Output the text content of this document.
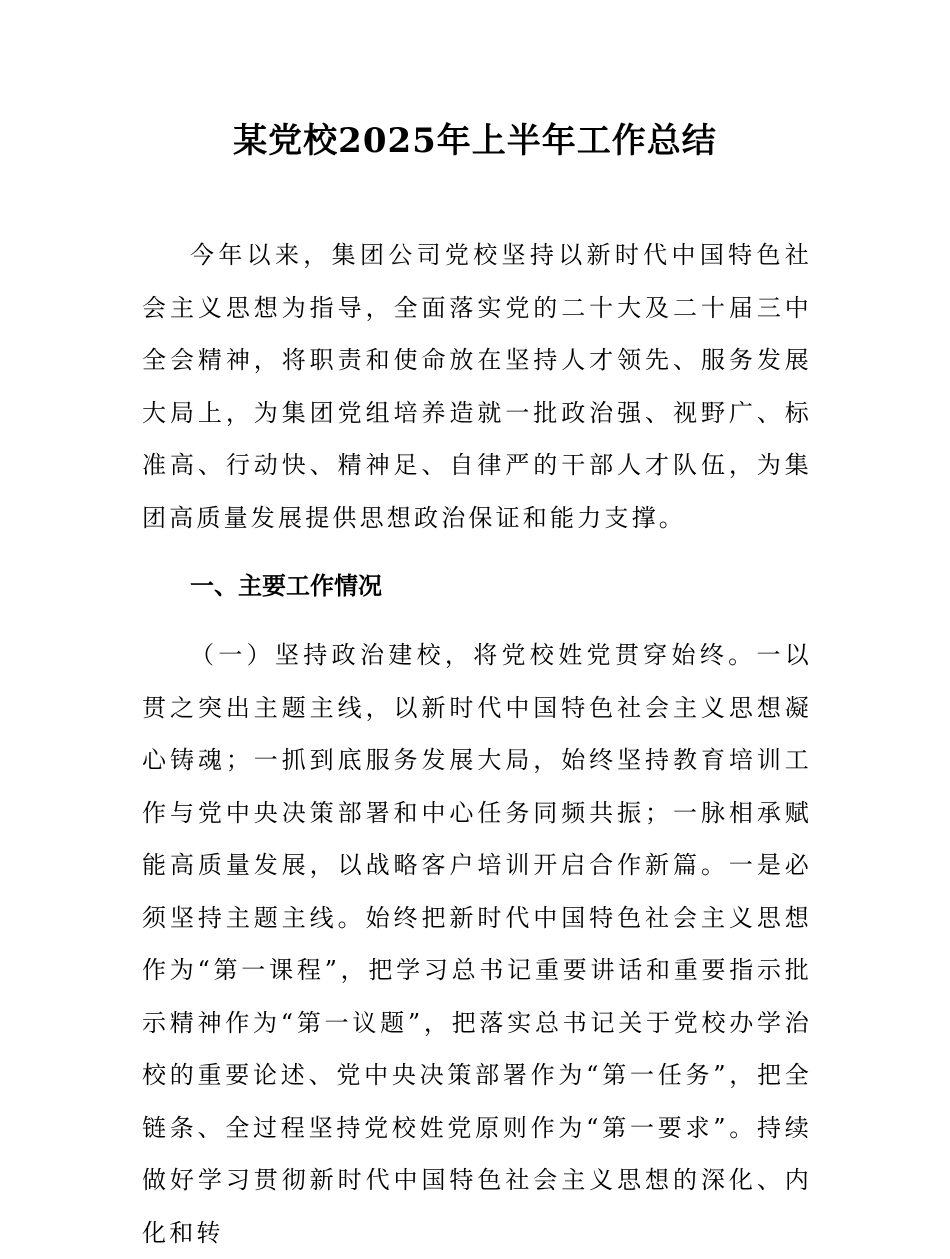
某党校2025年上半年工作总结
今年以来，集团公司党校坚持以新时代中国特色社会主义思想为指导，全面落实党的二十大及二十届三中全会精神，将职责和使命放在坚持人才领先、服务发展大局上，为集团党组培养造就一批政治强、视野广、标准高、行动快、精神足、自律严的干部人才队伍，为集团高质量发展提供思想政治保证和能力支撑。
一、主要工作情况
（一）坚持政治建校，将党校姓党贯穿始终。一以贯之突出主题主线，以新时代中国特色社会主义思想凝心铸魂；一抓到底服务发展大局，始终坚持教育培训工作与党中央决策部署和中心任务同频共振；一脉相承赋能高质量发展，以战略客户培训开启合作新篇。一是必须坚持主题主线。始终把新时代中国特色社会主义思想作为“第一课程”，把学习总书记重要讲话和重要指示批示精神作为“第一议题”，把落实总书记关于党校办学治校的重要论述、党中央决策部署作为“第一任务”，把全链条、全过程坚持党校姓党原则作为“第一要求”。持续做好学习贯彻新时代中国特色社会主义思想的深化、内化和转
